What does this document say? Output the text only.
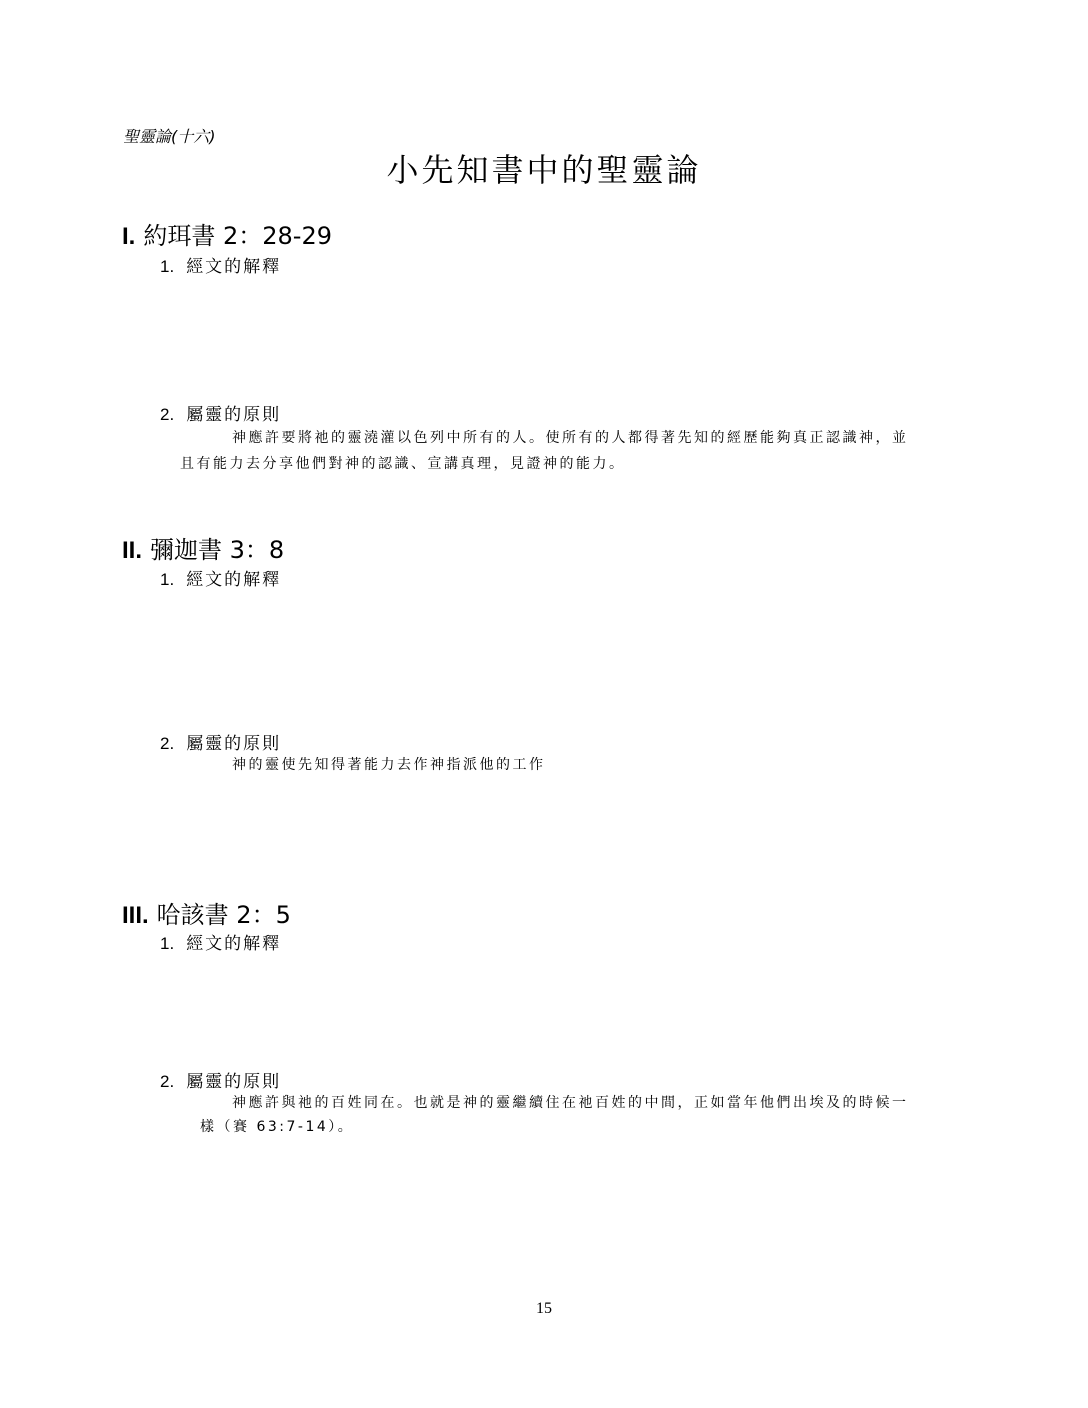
聖靈論(十六)
小先知書中的聖靈論
I. 約珥書 2：28-29
1. 經文的解釋
2. 屬靈的原則
神應許要將祂的靈澆灌以色列中所有的人。使所有的人都得著先知的經歷能夠真正認識神，並
且有能力去分享他們對神的認識、宣講真理，見證神的能力。
II. 彌迦書 3：8
1. 經文的解釋
2. 屬靈的原則
神的靈使先知得著能力去作神指派他的工作
III. 哈該書 2：5
1. 經文的解釋
2. 屬靈的原則
神應許與祂的百姓同在。也就是神的靈繼續住在祂百姓的中間，正如當年他們出埃及的時候一
樣（賽 63:7-14）。
15
